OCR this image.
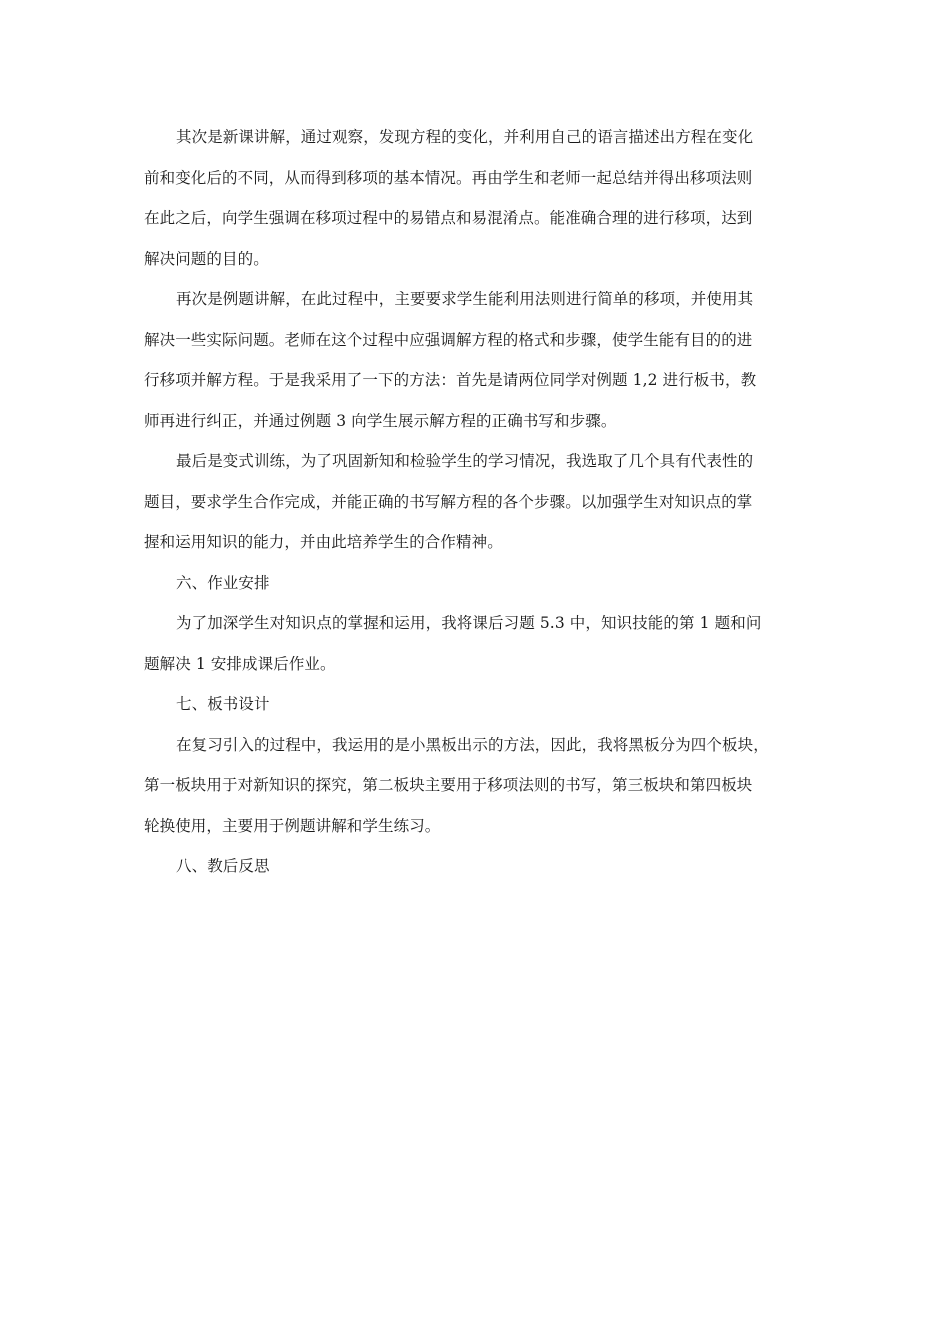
其次是新课讲解，通过观察，发现方程的变化，并利用自己的语言描述出方程在变化
前和变化后的不同，从而得到移项的基本情况。再由学生和老师一起总结并得出移项法则
在此之后，向学生强调在移项过程中的易错点和易混淆点。能准确合理的进行移项，达到
解决问题的目的。
再次是例题讲解，在此过程中，主要要求学生能利用法则进行简单的移项，并使用其
解决一些实际问题。老师在这个过程中应强调解方程的格式和步骤，使学生能有目的的进
行移项并解方程。于是我采用了一下的方法：首先是请两位同学对例题 1,2 进行板书，教
师再进行纠正，并通过例题 3 向学生展示解方程的正确书写和步骤。
最后是变式训练，为了巩固新知和检验学生的学习情况，我选取了几个具有代表性的
题目，要求学生合作完成，并能正确的书写解方程的各个步骤。以加强学生对知识点的掌
握和运用知识的能力，并由此培养学生的合作精神。
六、作业安排
为了加深学生对知识点的掌握和运用，我将课后习题 5.3 中，知识技能的第 1 题和问
题解决 1 安排成课后作业。
七、板书设计
在复习引入的过程中，我运用的是小黑板出示的方法，因此，我将黑板分为四个板块，
第一板块用于对新知识的探究，第二板块主要用于移项法则的书写，第三板块和第四板块
轮换使用，主要用于例题讲解和学生练习。
八、教后反思
